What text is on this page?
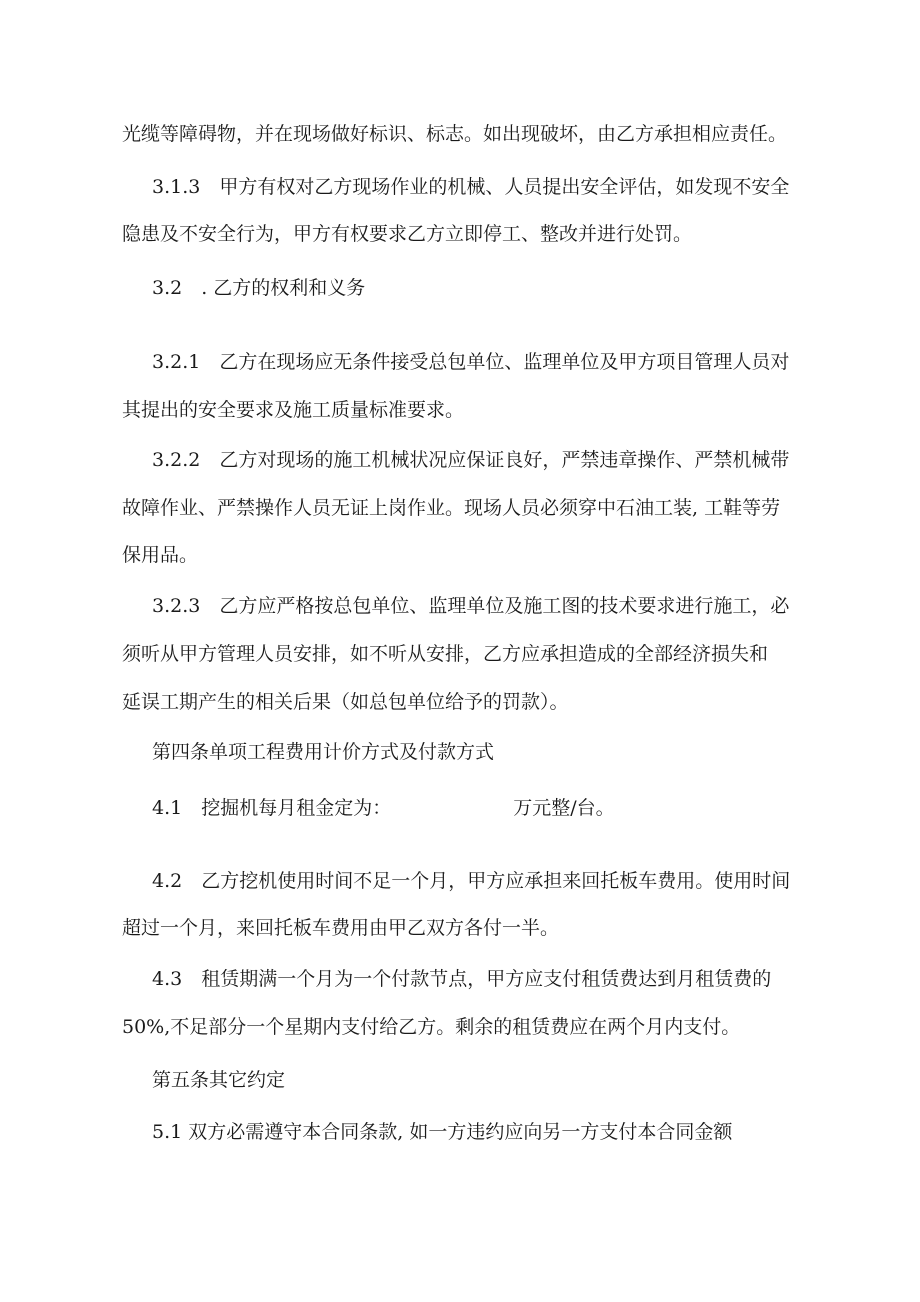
光缆等障碍物，并在现场做好标识、标志。如出现破坏，由乙方承担相应责任。
3.1.3　甲方有权对乙方现场作业的机械、人员提出安全评估，如发现不安全
隐患及不安全行为，甲方有权要求乙方立即停工、整改并进行处罚。
3.2　. 乙方的权利和义务
3.2.1　乙方在现场应无条件接受总包单位、监理单位及甲方项目管理人员对
其提出的安全要求及施工质量标准要求。
3.2.2　乙方对现场的施工机械状况应保证良好，严禁违章操作、严禁机械带
故障作业、严禁操作人员无证上岗作业。现场人员必须穿中石油工装, 工鞋等劳
保用品。
3.2.3　乙方应严格按总包单位、监理单位及施工图的技术要求进行施工，必
须听从甲方管理人员安排，如不听从安排，乙方应承担造成的全部经济损失和
延误工期产生的相关后果（如总包单位给予的罚款）。
第四条单项工程费用计价方式及付款方式
4.1　挖掘机每月租金定为：	万元整/台。
4.2　乙方挖机使用时间不足一个月，甲方应承担来回托板车费用。使用时间
超过一个月，来回托板车费用由甲乙双方各付一半。
4.3　租赁期满一个月为一个付款节点，甲方应支付租赁费达到月租赁费的
50%,不足部分一个星期内支付给乙方。剩余的租赁费应在两个月内支付。
第五条其它约定
5.1 双方必需遵守本合同条款, 如一方违约应向另一方支付本合同金额
